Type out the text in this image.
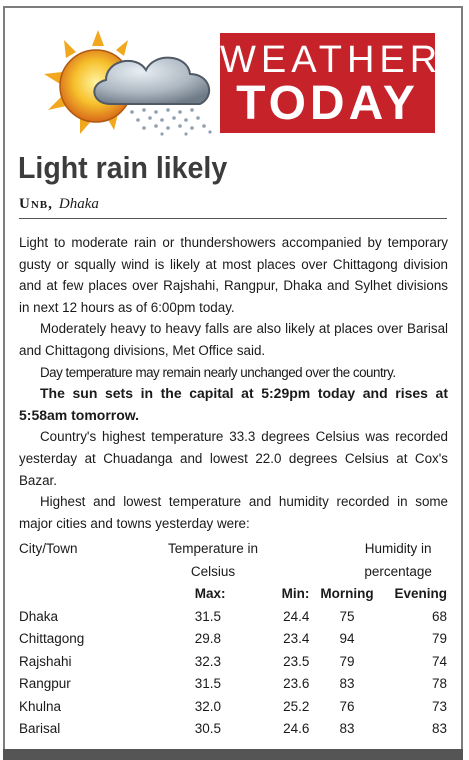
WEATHER
TODAY
Light rain likely
Unb, Dhaka

Light to moderate rain or thundershowers accompanied by temporary gusty or squally wind is likely at most places over Chittagong division and at few places over Rajshahi, Rangpur, Dhaka and Sylhet divisions in next 12 hours as of 6:00pm today.

Moderately heavy to heavy falls are also likely at places over Barisal and Chittagong divisions, Met Office said.

Day temperature may remain nearly unchanged over the country.

The sun sets in the capital at 5:29pm today and rises at 5:58am tomorrow.

Country's highest temperature 33.3 degrees Celsius was recorded yesterday at Chuadanga and lowest 22.0 degrees Celsius at Cox's Bazar.

Highest and lowest temperature and humidity recorded in some major cities and towns yesterday were:

City/Town	Temperature in		Humidity in	
	Celsius		percentage	
	Max:	Min:	Morning	Evening
Dhaka	31.5	24.4	75	68
Chittagong	29.8	23.4	94	79
Rajshahi	32.3	23.5	79	74
Rangpur	31.5	23.6	83	78
Khulna	32.0	25.2	76	73
Barisal	30.5	24.6	83	83
